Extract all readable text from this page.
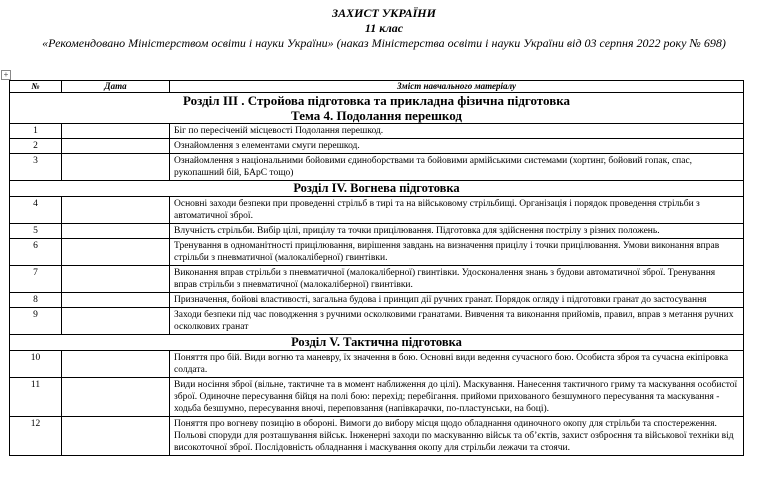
ЗАХИСТ УКРАЇНИ
11 клас
«Рекомендовано Міністерством освіти і науки України» (наказ Міністерства освіти і науки України від 03 серпня 2022 року № 698)
+
№	Дата	Зміст навчального матеріалу

Розділ ІІІ . Стройова підготовка та прикладна фізична підготовка
Тема 4. Подолання перешкод		

1		Біг по пересіченій місцевості Подолання перешкод.
2		Ознайомлення з елементами смуги перешкод.
3		Ознайомлення з національними бойовими єдиноборствами та бойовими армійськими системами (хортинг, бойовий гопак, спас, рукопашний бій, БАрС тощо)
Розділ ІV. Вогнева підготовка		
4		Основні заходи безпеки при проведенні стрільб в тирі та на військовому стрільбищі. Організація і порядок проведення стрільби з автоматичної зброї.
5		Влучність стрільби. Вибір цілі, прицілу та точки прицілювання. Підготовка для здійснення пострілу з різних положень.
6		Тренування в одноманітності прицілювання, вирішення завдань на визначення прицілу і точки прицілювання. Умови виконання вправ стрільби з пневматичної (малокаліберної) гвинтівки.
7		Виконання вправ стрільби з пневматичної (малокаліберної) гвинтівки. Удосконалення знань з будови автоматичної зброї. Тренування вправ стрільби з пневматичної (малокаліберної) гвинтівки.
8		Призначення, бойові властивості, загальна будова і принцип дії ручних гранат. Порядок огляду і підготовки гранат до застосування
9		Заходи безпеки під час поводження з ручними осколковими гранатами. Вивчення та виконання прийомів, правил, вправ з метання ручних осколкових гранат
Розділ V. Тактична підготовка		
10		Поняття про бій. Види вогню та маневру, їх значення в бою. Основні види ведення сучасного бою. Особиста зброя та сучасна екіпіровка солдата.
11		Види носіння зброї (вільне, тактичне та в момент наближення до цілі). Маскування. Нанесення тактичного гриму та маскування особистої зброї. Одиночне пересування бійця на полі бою: перехід; перебігання. прийоми прихованого безшумного пересування та маскування - ходьба безшумно, пересування вночі, переповзання (напівкарачки, по-пластунськи, на боці).
12		Поняття про вогневу позицію в обороні. Вимоги до вибору місця щодо обладнання одиночного окопу для стрільби та спостереження. Польові споруди для розташування військ. Інженерні заходи по маскуванню військ та об’єктів, захист озброєння та військової техніки від високоточної зброї. Послідовність обладнання і маскування окопу для стрільби лежачи та стоячи.
